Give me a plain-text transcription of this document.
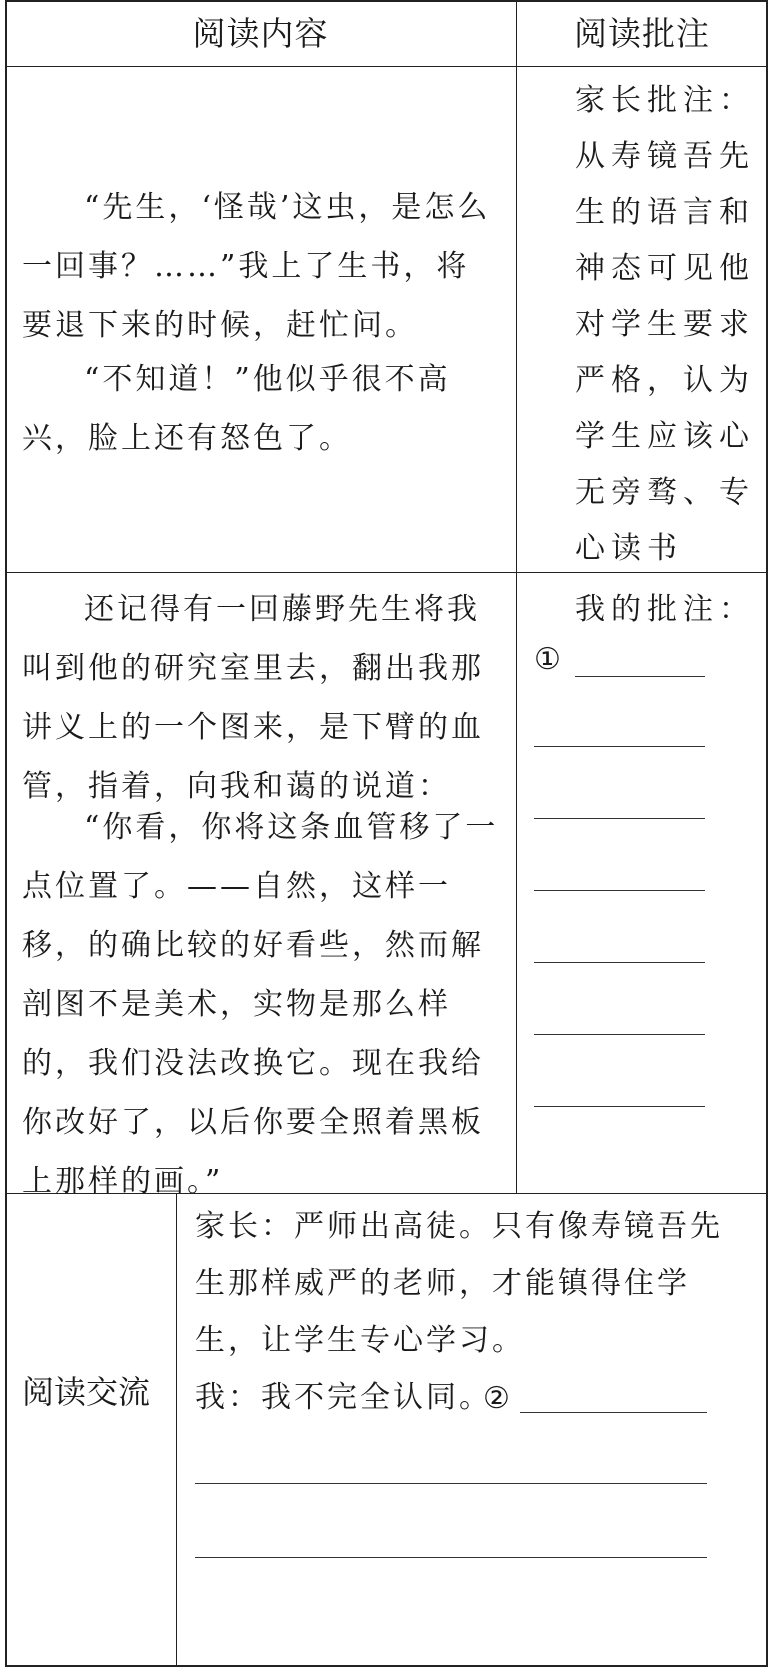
阅读内容	阅读批注

“先生，‘怪哉’这虫，是怎么一回事？……”我上了生书，将要退下来的时候，赶忙问。

“不知道！”他似乎很不高兴，脸上还有怒色了。

家长批注：

从寿镜吾先生的语言和神态可见他对学生要求严格，认为学生应该心无旁骛、专心读书

还记得有一回藤野先生将我叫到他的研究室里去，翻出我那讲义上的一个图来，是下臂的血管，指着，向我和蔼的说道：

“你看，你将这条血管移了一点位置了。——自然，这样一移，的确比较的好看些，然而解剖图不是美术，实物是那么样的，我们没法改换它。现在我给你改好了，以后你要全照着黑板上那样的画。”

我的批注：

①
阅读交流

家长：严师出高徒。只有像寿镜吾先生那样威严的老师，才能镇得住学生，让学生专心学习。

我：我不完全认同。
②
